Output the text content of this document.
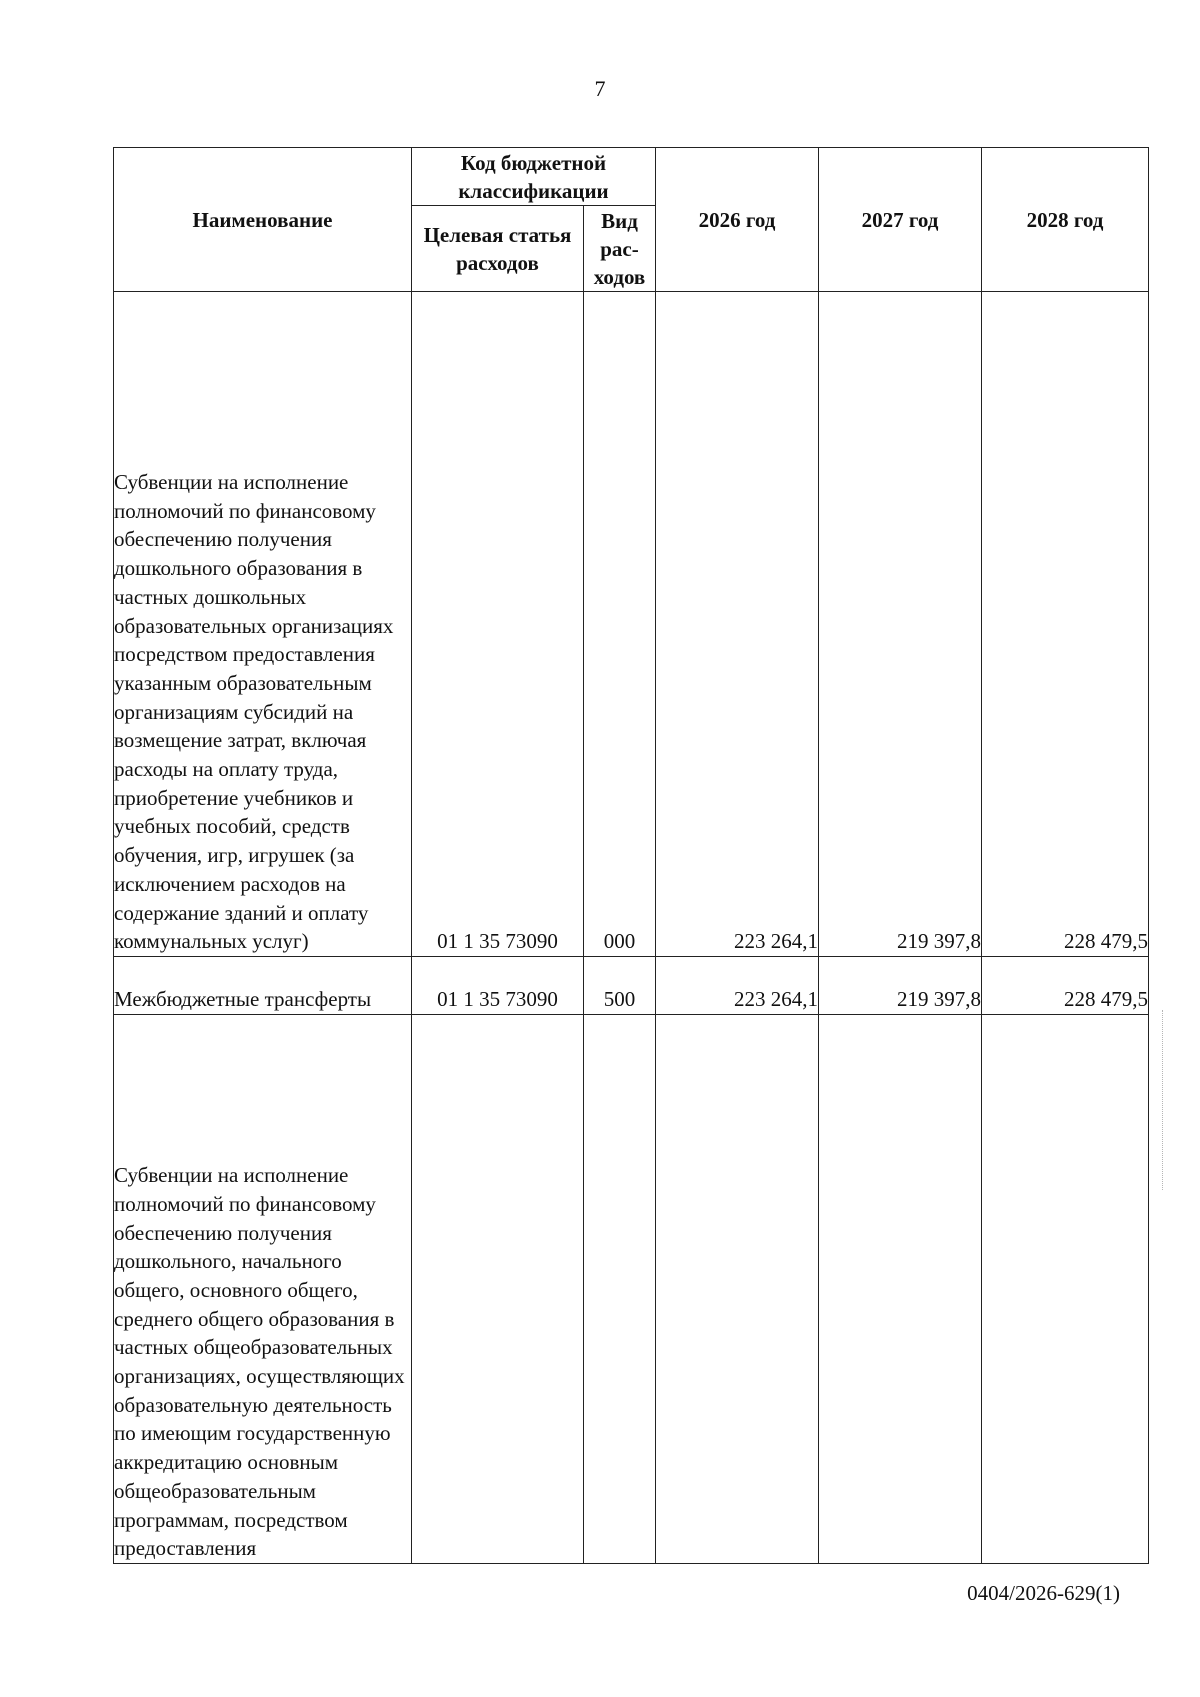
7
Наименование	Код бюджетной классификации		2026 год	2027 год	2028 год
	Целевая статья расходов	Вид рас-ходов			
Субвенции на исполнение полномочий по финансовому обеспечению получения дошкольного образования в частных дошкольных образовательных организациях посредством предоставления указанным образовательным организациям субсидий на возмещение затрат, включая расходы на оплату труда, приобретение учебников и учебных пособий, средств обучения, игр, игрушек (за исключением расходов на содержание зданий и оплату коммунальных услуг)	01 1 35 73090	000	223 264,1	219 397,8	228 479,5
Межбюджетные трансферты	01 1 35 73090	500	223 264,1	219 397,8	228 479,5
Субвенции на исполнение полномочий по финансовому обеспечению получения дошкольного, начального общего, основного общего, среднего общего образования в частных общеобразовательных организациях, осуществляющих образовательную деятельность по имеющим государственную аккредитацию основным общеобразовательным программам, посредством предоставления					
0404/2026-629(1)
